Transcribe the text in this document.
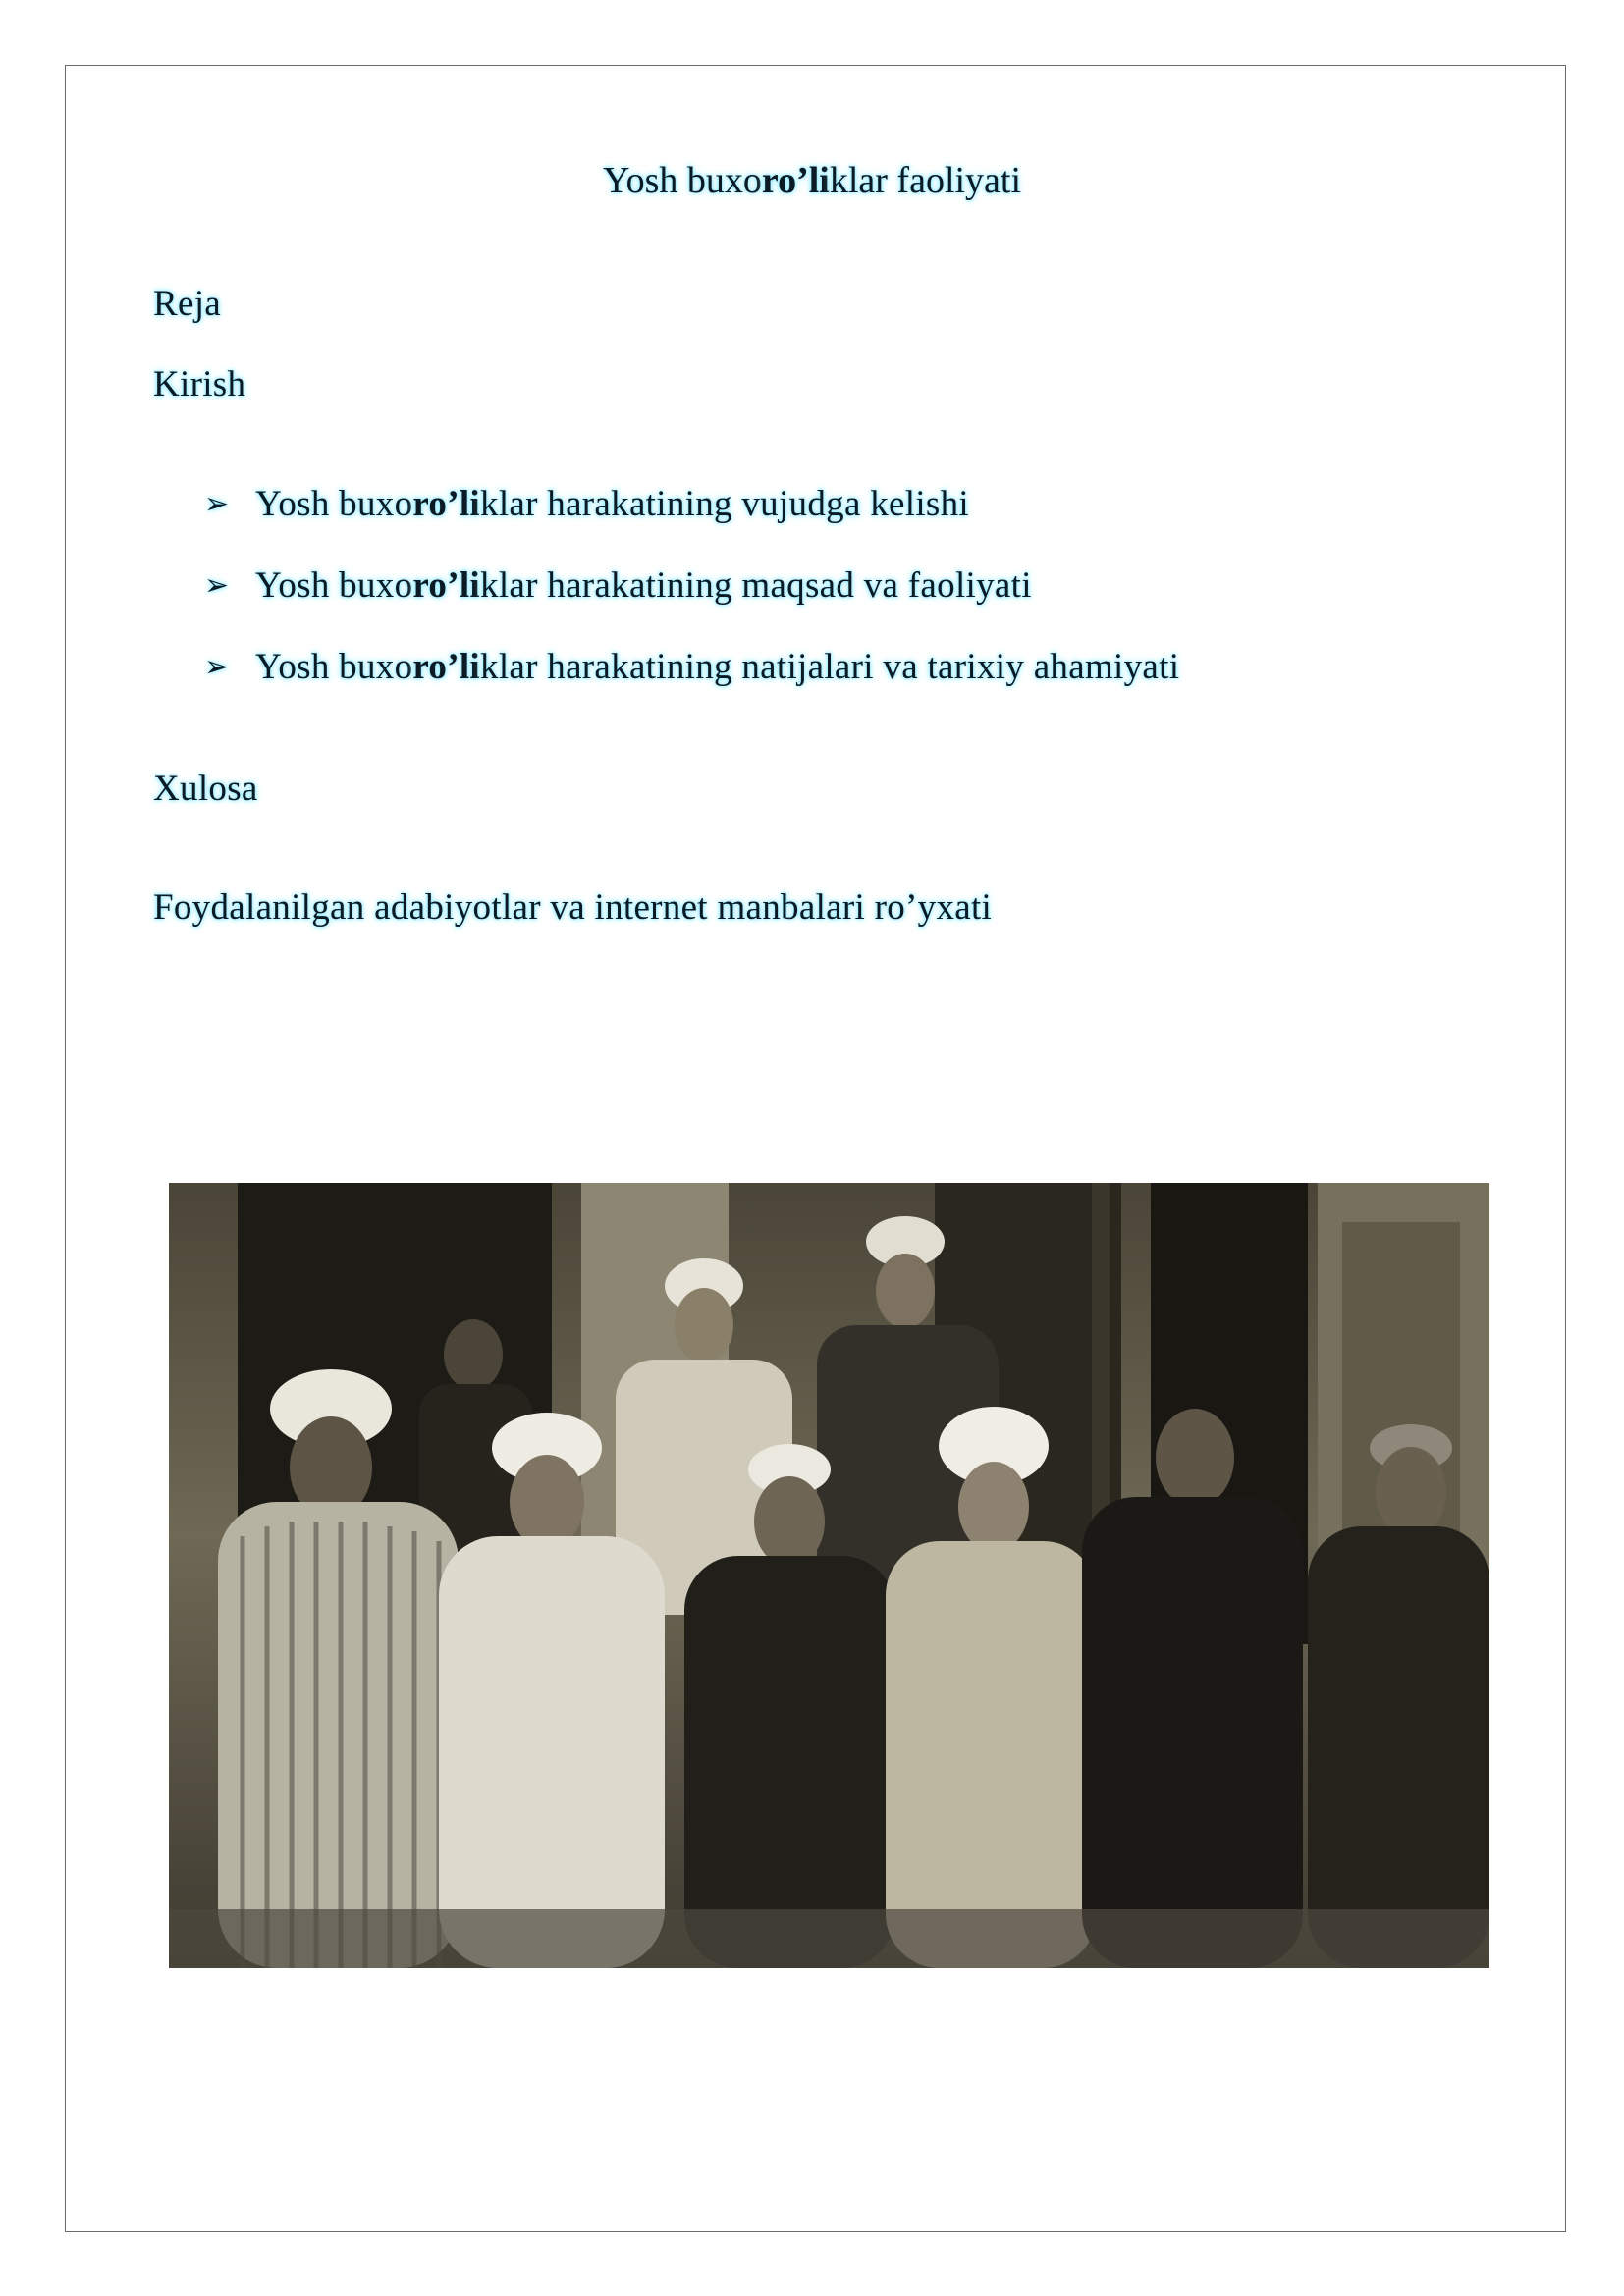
Yosh buxoro’liklar faoliyati
Reja
Kirish
➢ Yosh buxo ro’li klar harakatining vujudga kelishi
➢ Yosh buxo ro’li klar harakatining maqsad va faoliyati
➢ Yosh buxo ro’li klar harakatining natijalari va tarixiy ahamiyati
Xulosa
Foydalanilgan adabiyotlar va internet manbalari ro’yxati
